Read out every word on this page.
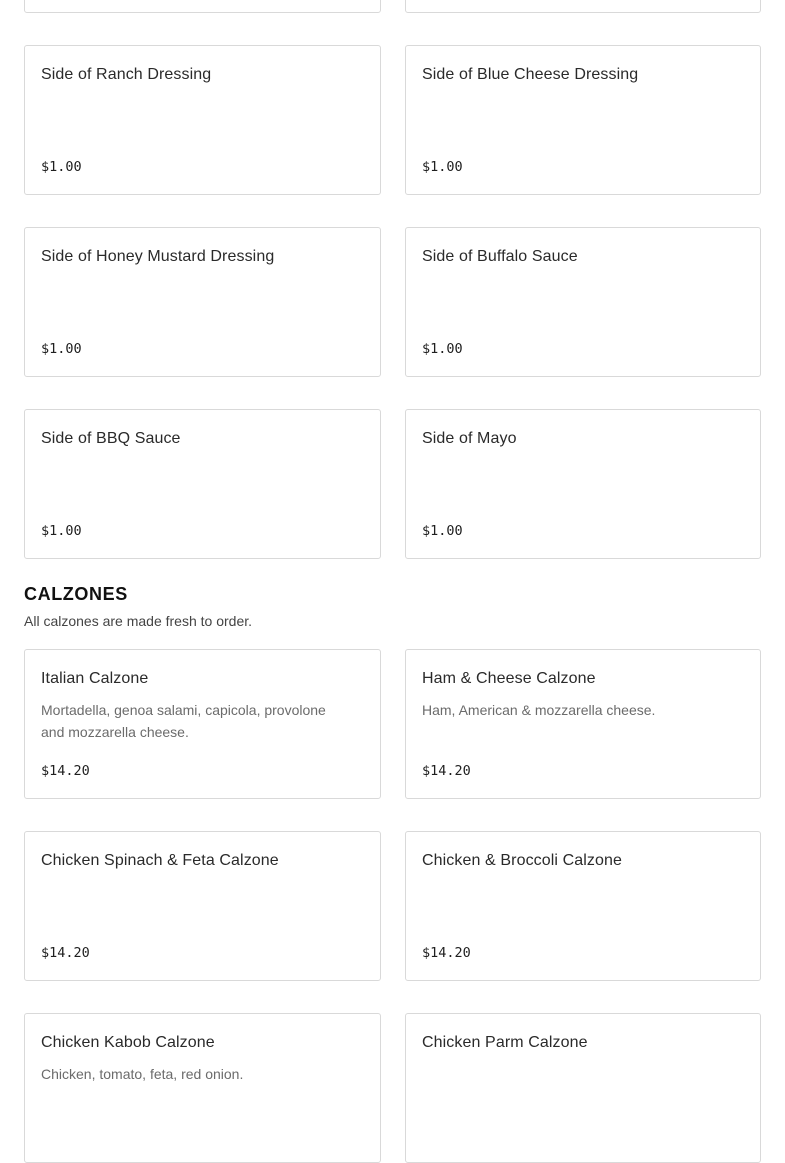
Side of Ranch Dressing
$1.00
Side of Blue Cheese Dressing
$1.00
Side of Honey Mustard Dressing
$1.00
Side of Buffalo Sauce
$1.00
Side of BBQ Sauce
$1.00
Side of Mayo
$1.00
CALZONES

All calzones are made fresh to order.

Italian Calzone
Mortadella, genoa salami, capicola, provolone and mozzarella cheese.
$14.20
Ham & Cheese Calzone
Ham, American & mozzarella cheese.
$14.20
Chicken Spinach & Feta Calzone
$14.20
Chicken & Broccoli Calzone
$14.20
Chicken Kabob Calzone
Chicken, tomato, feta, red onion.
Chicken Parm Calzone
